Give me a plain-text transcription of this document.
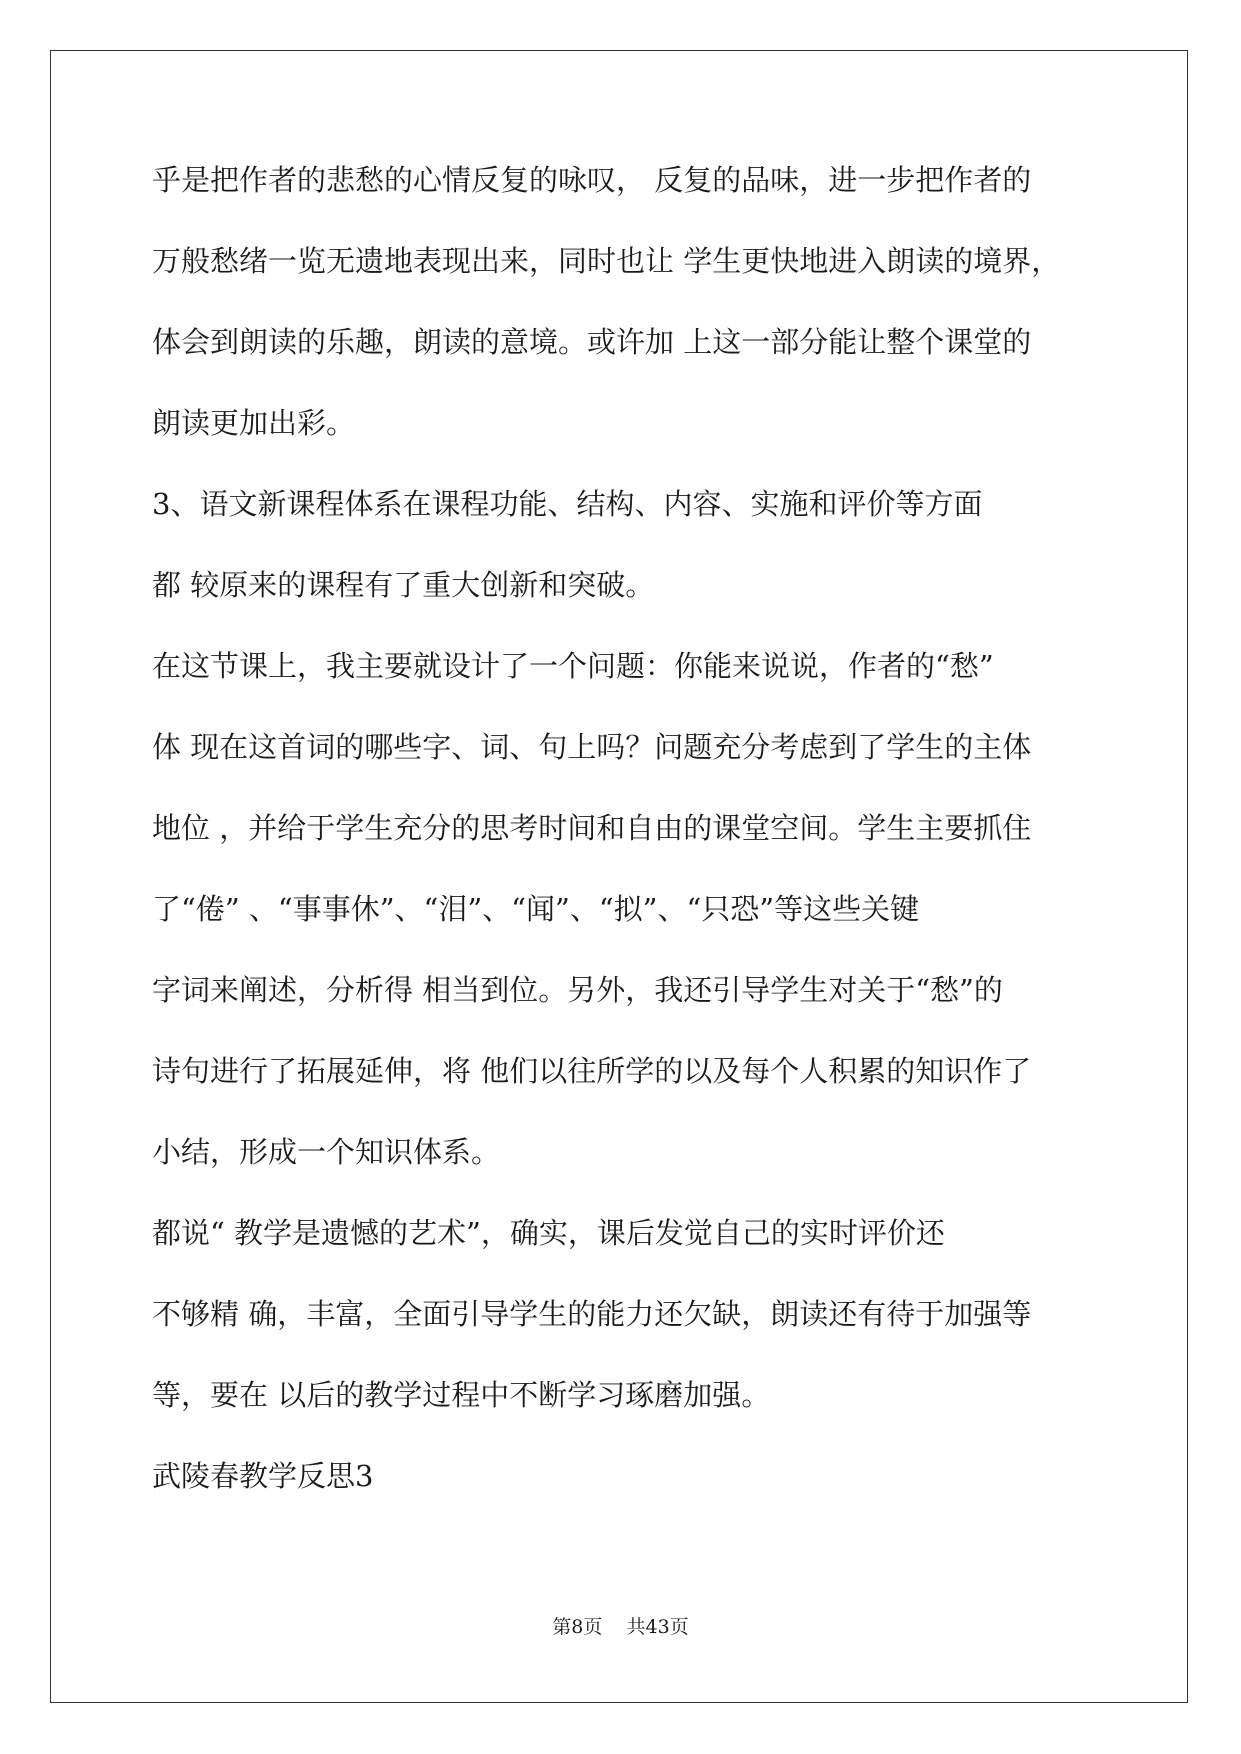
乎是把作者的悲愁的心情反复的咏叹， 反复的品味，进一步把作者的
万般愁绪一览无遗地表现出来，同时也让 学生更快地进入朗读的境界，
体会到朗读的乐趣，朗读的意境。或许加 上这一部分能让整个课堂的
朗读更加出彩。
3、语文新课程体系在课程功能、结构、内容、实施和评价等方面
都 较原来的课程有了重大创新和突破。
在这节课上，我主要就设计了一个问题：你能来说说，作者的“愁”
体 现在这首词的哪些字、词、句上吗？问题充分考虑到了学生的主体
地位 ，并给于学生充分的思考时间和自由的课堂空间。学生主要抓住
了“倦” 、“事事休”、“泪”、“闻”、“拟”、“只恐”等这些关键
字词来阐述，分析得 相当到位。另外，我还引导学生对关于“愁”的
诗句进行了拓展延伸，将 他们以往所学的以及每个人积累的知识作了
小结，形成一个知识体系。
都说“ 教学是遗憾的艺术”，确实，课后发觉自己的实时评价还
不够精 确，丰富，全面引导学生的能力还欠缺，朗读还有待于加强等
等，要在 以后的教学过程中不断学习琢磨加强。
武陵春教学反思3
第8页    共43页
